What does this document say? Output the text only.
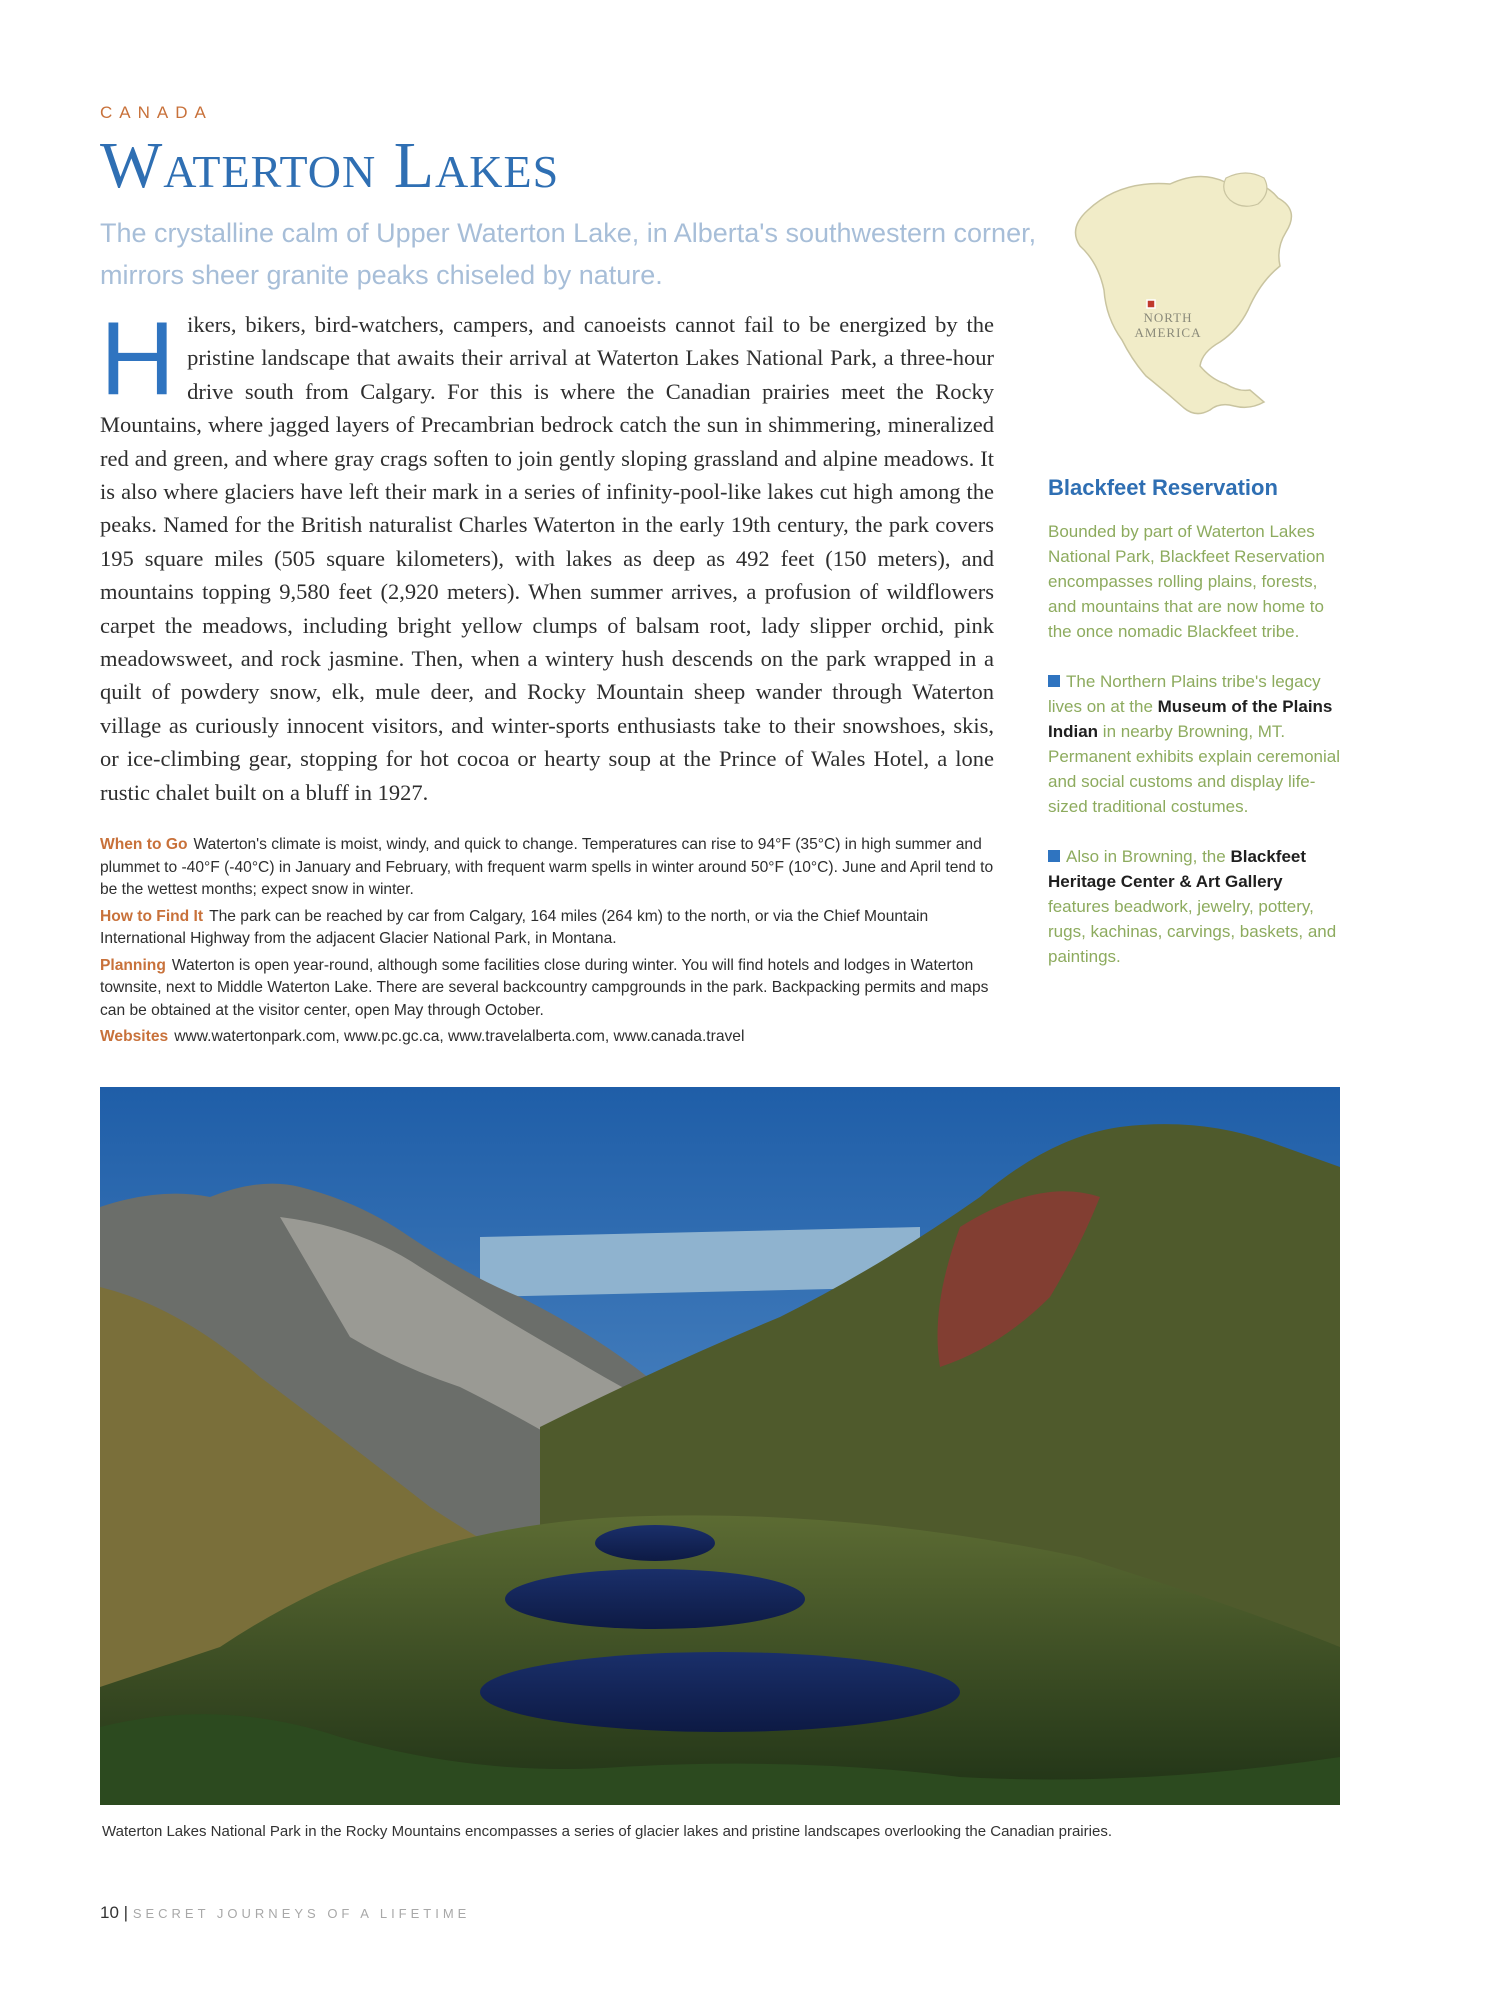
CANADA
Waterton Lakes

The crystalline calm of Upper Waterton Lake, in Alberta's southwestern corner, mirrors sheer granite peaks chiseled by nature.

Hikers, bikers, bird-watchers, campers, and canoeists cannot fail to be energized by the pristine landscape that awaits their arrival at Waterton Lakes National Park, a three-hour drive south from Calgary. For this is where the Canadian prairies meet the Rocky Mountains, where jagged layers of Precambrian bedrock catch the sun in shimmering, mineralized red and green, and where gray crags soften to join gently sloping grassland and alpine meadows. It is also where glaciers have left their mark in a series of infinity-pool-like lakes cut high among the peaks. Named for the British naturalist Charles Waterton in the early 19th century, the park covers 195 square miles (505 square kilometers), with lakes as deep as 492 feet (150 meters), and mountains topping 9,580 feet (2,920 meters). When summer arrives, a profusion of wildflowers carpet the meadows, including bright yellow clumps of balsam root, lady slipper orchid, pink meadowsweet, and rock jasmine. Then, when a wintery hush descends on the park wrapped in a quilt of powdery snow, elk, mule deer, and Rocky Mountain sheep wander through Waterton village as curiously innocent visitors, and winter-sports enthusiasts take to their snowshoes, skis, or ice-climbing gear, stopping for hot cocoa or hearty soup at the Prince of Wales Hotel, a lone rustic chalet built on a bluff in 1927.

When to Go Waterton's climate is moist, windy, and quick to change. Temperatures can rise to 94°F (35°C) in high summer and plummet to -40°F (-40°C) in January and February, with frequent warm spells in winter around 50°F (10°C). June and April tend to be the wettest months; expect snow in winter.

How to Find It The park can be reached by car from Calgary, 164 miles (264 km) to the north, or via the Chief Mountain International Highway from the adjacent Glacier National Park, in Montana.

Planning Waterton is open year-round, although some facilities close during winter. You will find hotels and lodges in Waterton townsite, next to Middle Waterton Lake. There are several backcountry campgrounds in the park. Backpacking permits and maps can be obtained at the visitor center, open May through October.

Websites www.watertonpark.com, www.pc.gc.ca, www.travelalberta.com, www.canada.travel

NORTH
AMERICA
Blackfeet Reservation

Bounded by part of Waterton Lakes National Park, Blackfeet Reservation encompasses rolling plains, forests, and mountains that are now home to the once nomadic Blackfeet tribe.

The Northern Plains tribe's legacy lives on at the Museum of the Plains Indian in nearby Browning, MT. Permanent exhibits explain ceremonial and social customs and display life-sized traditional costumes.

Also in Browning, the Blackfeet Heritage Center & Art Gallery features beadwork, jewelry, pottery, rugs, kachinas, carvings, baskets, and paintings.

Waterton Lakes National Park in the Rocky Mountains encompasses a series of glacier lakes and pristine landscapes overlooking the Canadian prairies.
10 | SECRET JOURNEYS OF A LIFETIME
